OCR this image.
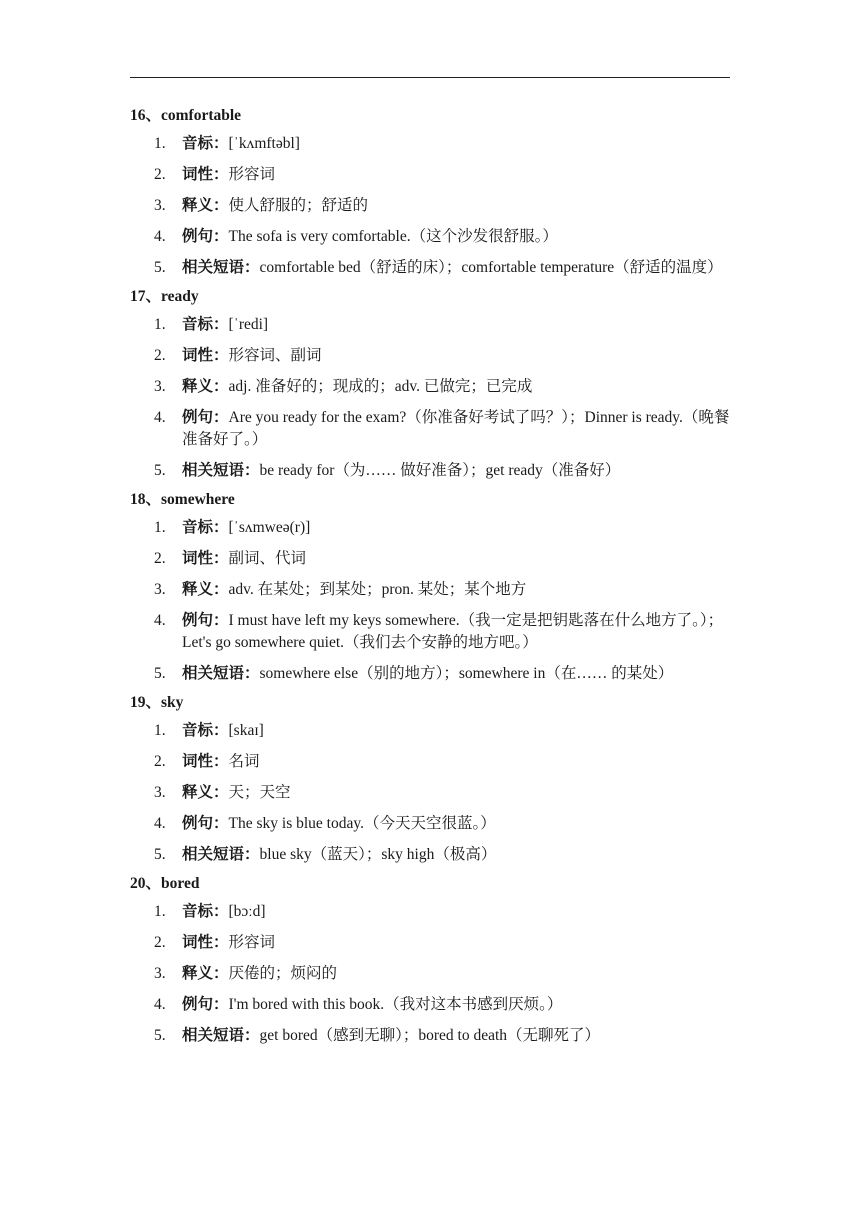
16、comfortable
1. 音标：[ˈkʌmftəbl]
2. 词性：形容词
3. 释义：使人舒服的；舒适的
4. 例句：The sofa is very comfortable.（这个沙发很舒服。）
5. 相关短语：comfortable bed（舒适的床）；comfortable temperature（舒适的温度）
17、ready
1. 音标：[ˈredi]
2. 词性：形容词、副词
3. 释义：adj. 准备好的；现成的；adv. 已做完；已完成
4. 例句：Are you ready for the exam?（你准备好考试了吗？）；Dinner is ready.（晚餐准备好了。）
5. 相关短语：be ready for（为…… 做好准备）；get ready（准备好）
18、somewhere
1. 音标：[ˈsʌmweə(r)]
2. 词性：副词、代词
3. 释义：adv. 在某处；到某处；pron. 某处；某个地方
4. 例句：I must have left my keys somewhere.（我一定是把钥匙落在什么地方了。）；Let's go somewhere quiet.（我们去个安静的地方吧。）
5. 相关短语：somewhere else（别的地方）；somewhere in（在…… 的某处）
19、sky
1. 音标：[skaɪ]
2. 词性：名词
3. 释义：天；天空
4. 例句：The sky is blue today.（今天天空很蓝。）
5. 相关短语：blue sky（蓝天）；sky high（极高）
20、bored
1. 音标：[bɔːd]
2. 词性：形容词
3. 释义：厌倦的；烦闷的
4. 例句：I'm bored with this book.（我对这本书感到厌烦。）
5. 相关短语：get bored（感到无聊）；bored to death（无聊死了）
